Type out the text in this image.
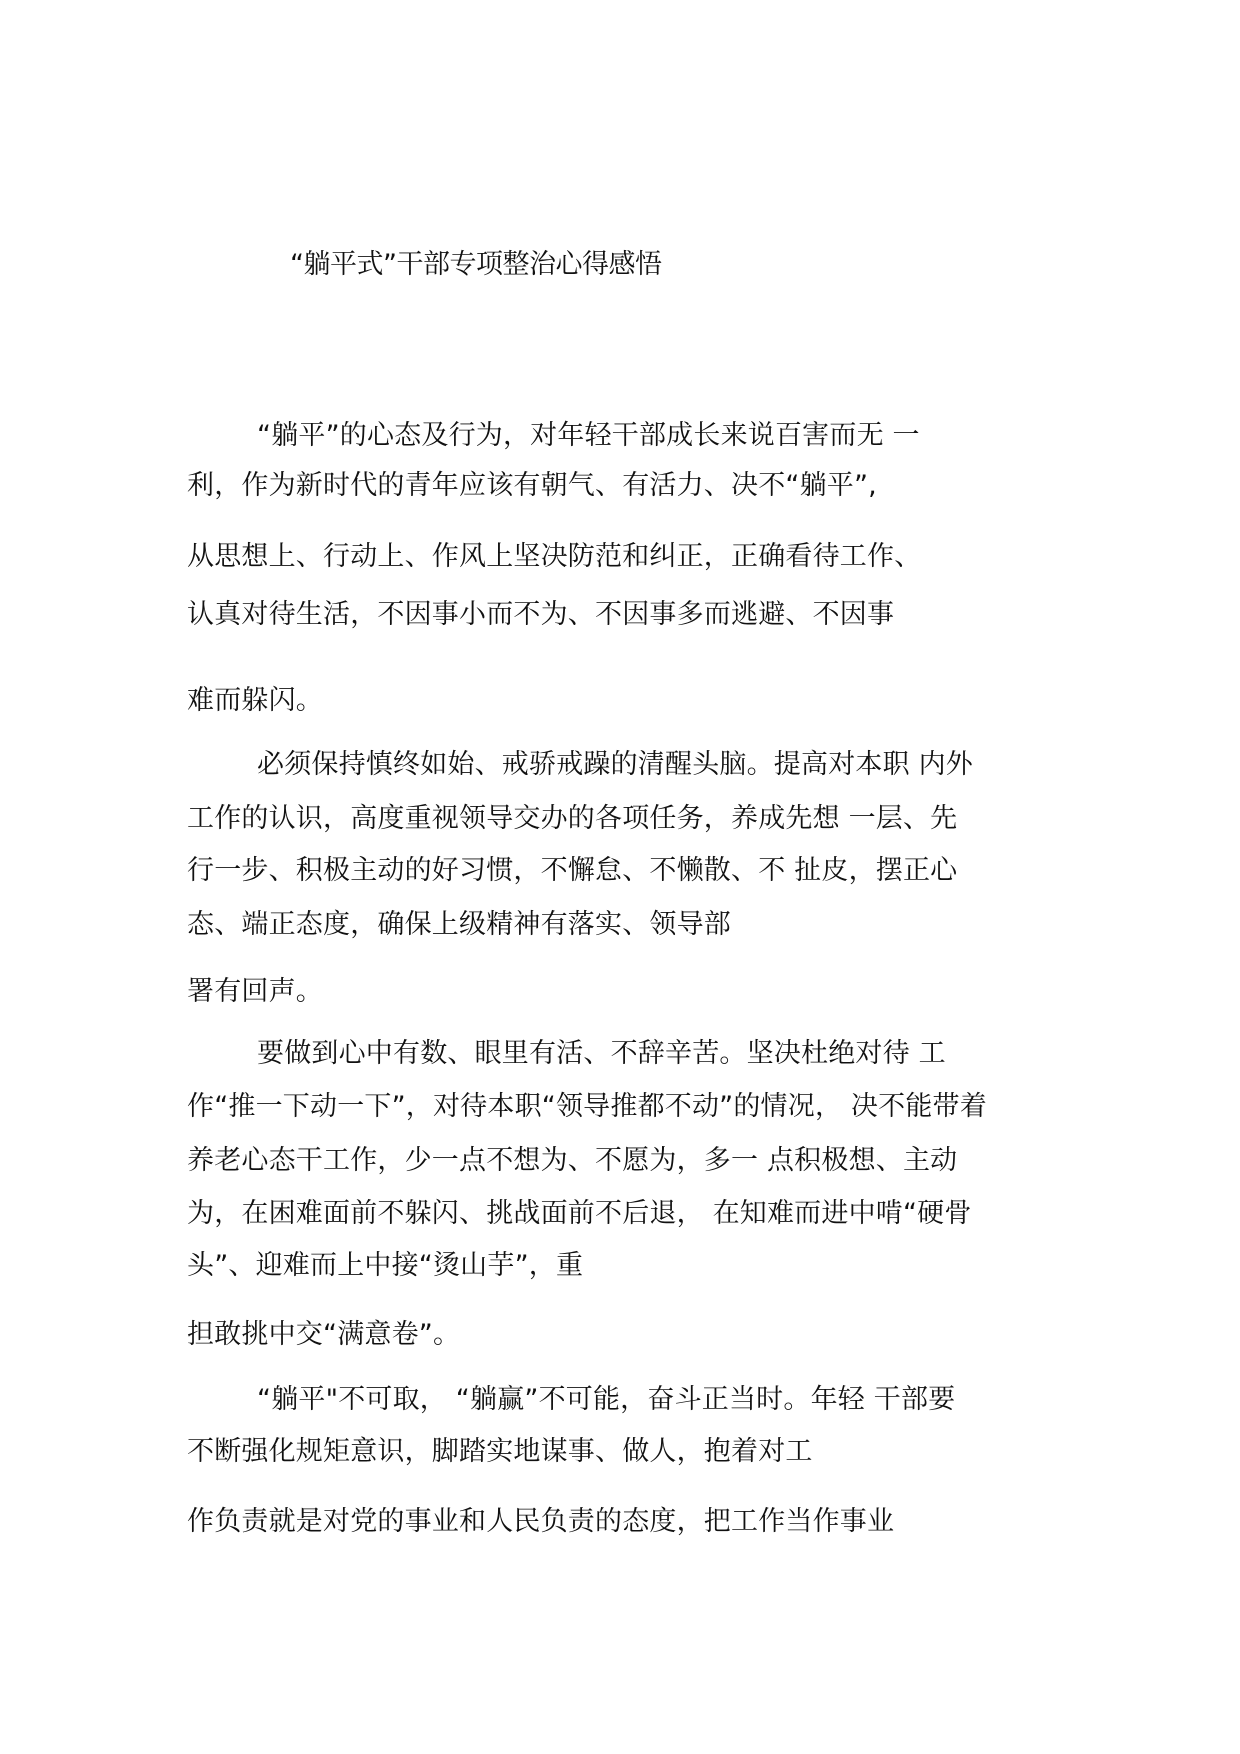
“躺平式”干部专项整治心得感悟
“躺平”的心态及行为，对年轻干部成长来说百害而无 一
利，作为新时代的青年应该有朝气、有活力、决不“躺平”,
从思想上、行动上、作风上坚决防范和纠正，正确看待工作、
认真对待生活，不因事小而不为、不因事多而逃避、不因事
难而躲闪。
必须保持慎终如始、戒骄戒躁的清醒头脑。提高对本职 内外
工作的认识，高度重视领导交办的各项任务，养成先想 一层、先
行一步、积极主动的好习惯，不懈怠、不懒散、不 扯皮，摆正心
态、端正态度，确保上级精神有落实、领导部
署有回声。
要做到心中有数、眼里有活、不辞辛苦。坚决杜绝对待 工
作“推一下动一下”，对待本职“领导推都不动”的情况， 决不能带着
养老心态干工作，少一点不想为、不愿为，多一 点积极想、主动
为，在困难面前不躲闪、挑战面前不后退， 在知难而进中啃“硬骨
头”、迎难而上中接“烫山芋”，重
担敢挑中交“满意卷”。
“躺平"不可取， “躺赢”不可能，奋斗正当时。年轻 干部要
不断强化规矩意识，脚踏实地谋事、做人，抱着对工
作负责就是对党的事业和人民负责的态度，把工作当作事业
